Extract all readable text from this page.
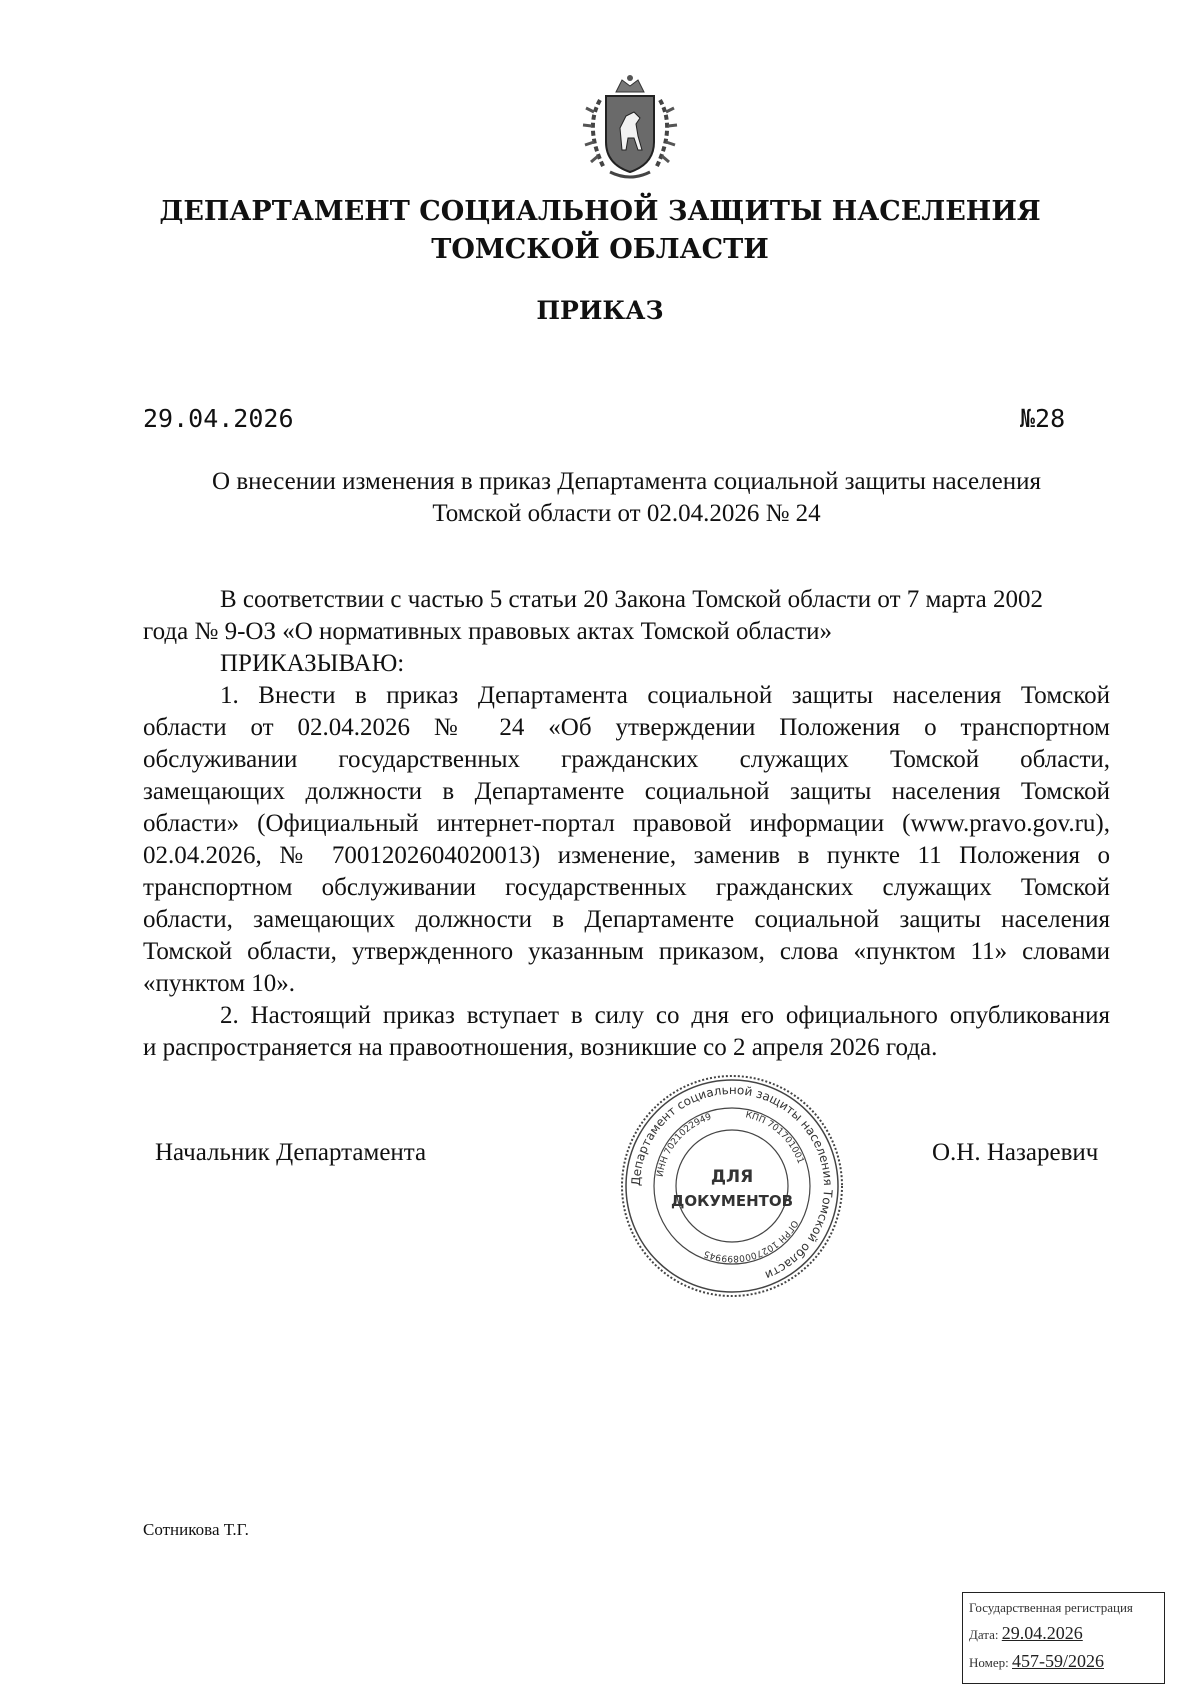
ДЕПАРТАМЕНТ СОЦИАЛЬНОЙ ЗАЩИТЫ НАСЕЛЕНИЯ
ТОМСКОЙ ОБЛАСТИ
ПРИКАЗ
29.04.2026	№28
О внесении изменения в приказ Департамента социальной защиты населения
Томской области от 02.04.2026 № 24
В соответствии с частью 5 статьи 20 Закона Томской области от 7 марта 2002
года № 9-ОЗ «О нормативных правовых актах Томской области»
ПРИКАЗЫВАЮ:
1. Внести в приказ Департамента социальной защиты населения Томской
области от 02.04.2026 № 24 «Об утверждении Положения о транспортном
обслуживании государственных гражданских служащих Томской области,
замещающих должности в Департаменте социальной защиты населения Томской
области» (Официальный интернет-портал правовой информации (www.pravo.gov.ru),
02.04.2026, № 7001202604020013) изменение, заменив в пункте 11 Положения о
транспортном обслуживании государственных гражданских служащих Томской
области, замещающих должности в Департаменте социальной защиты населения
Томской области, утвержденного указанным приказом, слова «пунктом 11» словами
«пунктом 10».
2. Настоящий приказ вступает в силу со дня его официального опубликования
и распространяется на правоотношения, возникшие со 2 апреля 2026 года.
Начальник Департамента	О.Н. Назаревич
Департамент социальной защиты населения Томской области
ИНН 7021022949	КПП 701701001
ОГРН 1027000899945
ДЛЯ
ДОКУМЕНТОВ
Сотникова Т.Г.
Государственная регистрация
Дата: 29.04.2026
Номер: 457-59/2026
